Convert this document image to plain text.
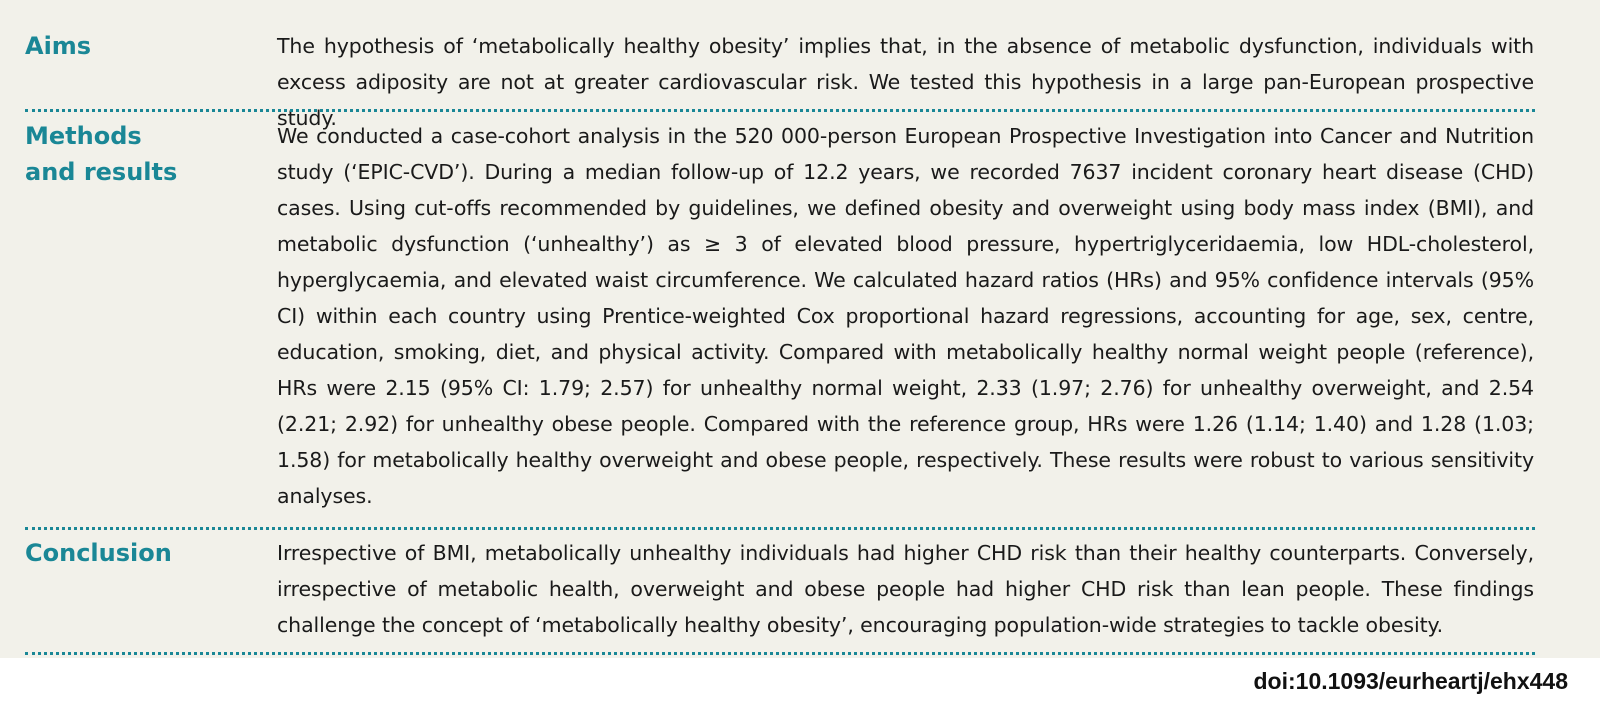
Aims	The hypothesis of ‘metabolically healthy obesity’ implies that, in the absence of metabolic dysfunction, individuals with excess adiposity are not at greater cardiovascular risk. We tested this hypothesis in a large pan-European prospective study.

Methods
and results

We conducted a case-cohort analysis in the 520 000-person European Prospective Investigation into Cancer and Nutrition study (‘EPIC-CVD’). During a median follow-up of 12.2 years, we recorded 7637 incident coronary heart disease (CHD) cases. Using cut-offs recommended by guidelines, we defined obesity and overweight using body mass index (BMI), and metabolic dysfunction (‘unhealthy’) as ≥ 3 of elevated blood pressure, hypertriglyceridaemia, low HDL-cholesterol, hyperglycaemia, and elevated waist circumference. We calculated hazard ratios (HRs) and 95% confidence intervals (95% CI) within each country using Prentice-weighted Cox proportional hazard regressions, accounting for age, sex, centre, education, smoking, diet, and physical activity. Compared with metabolically healthy normal weight people (reference), HRs were 2.15 (95% CI: 1.79; 2.57) for unhealthy normal weight, 2.33 (1.97; 2.76) for unhealthy overweight, and 2.54 (2.21; 2.92) for unhealthy obese people. Compared with the reference group, HRs were 1.26 (1.14; 1.40) and 1.28 (1.03; 1.58) for metabolically healthy overweight and obese people, respectively. These results were robust to various sensitivity analyses.

Conclusion	Irrespective of BMI, metabolically unhealthy individuals had higher CHD risk than their healthy counterparts. Conversely, irrespective of metabolic health, overweight and obese people had higher CHD risk than lean people. These findings challenge the concept of ‘metabolically healthy obesity’, encouraging population-wide strategies to tackle obesity.

doi:10.1093/eurheartj/ehx448
